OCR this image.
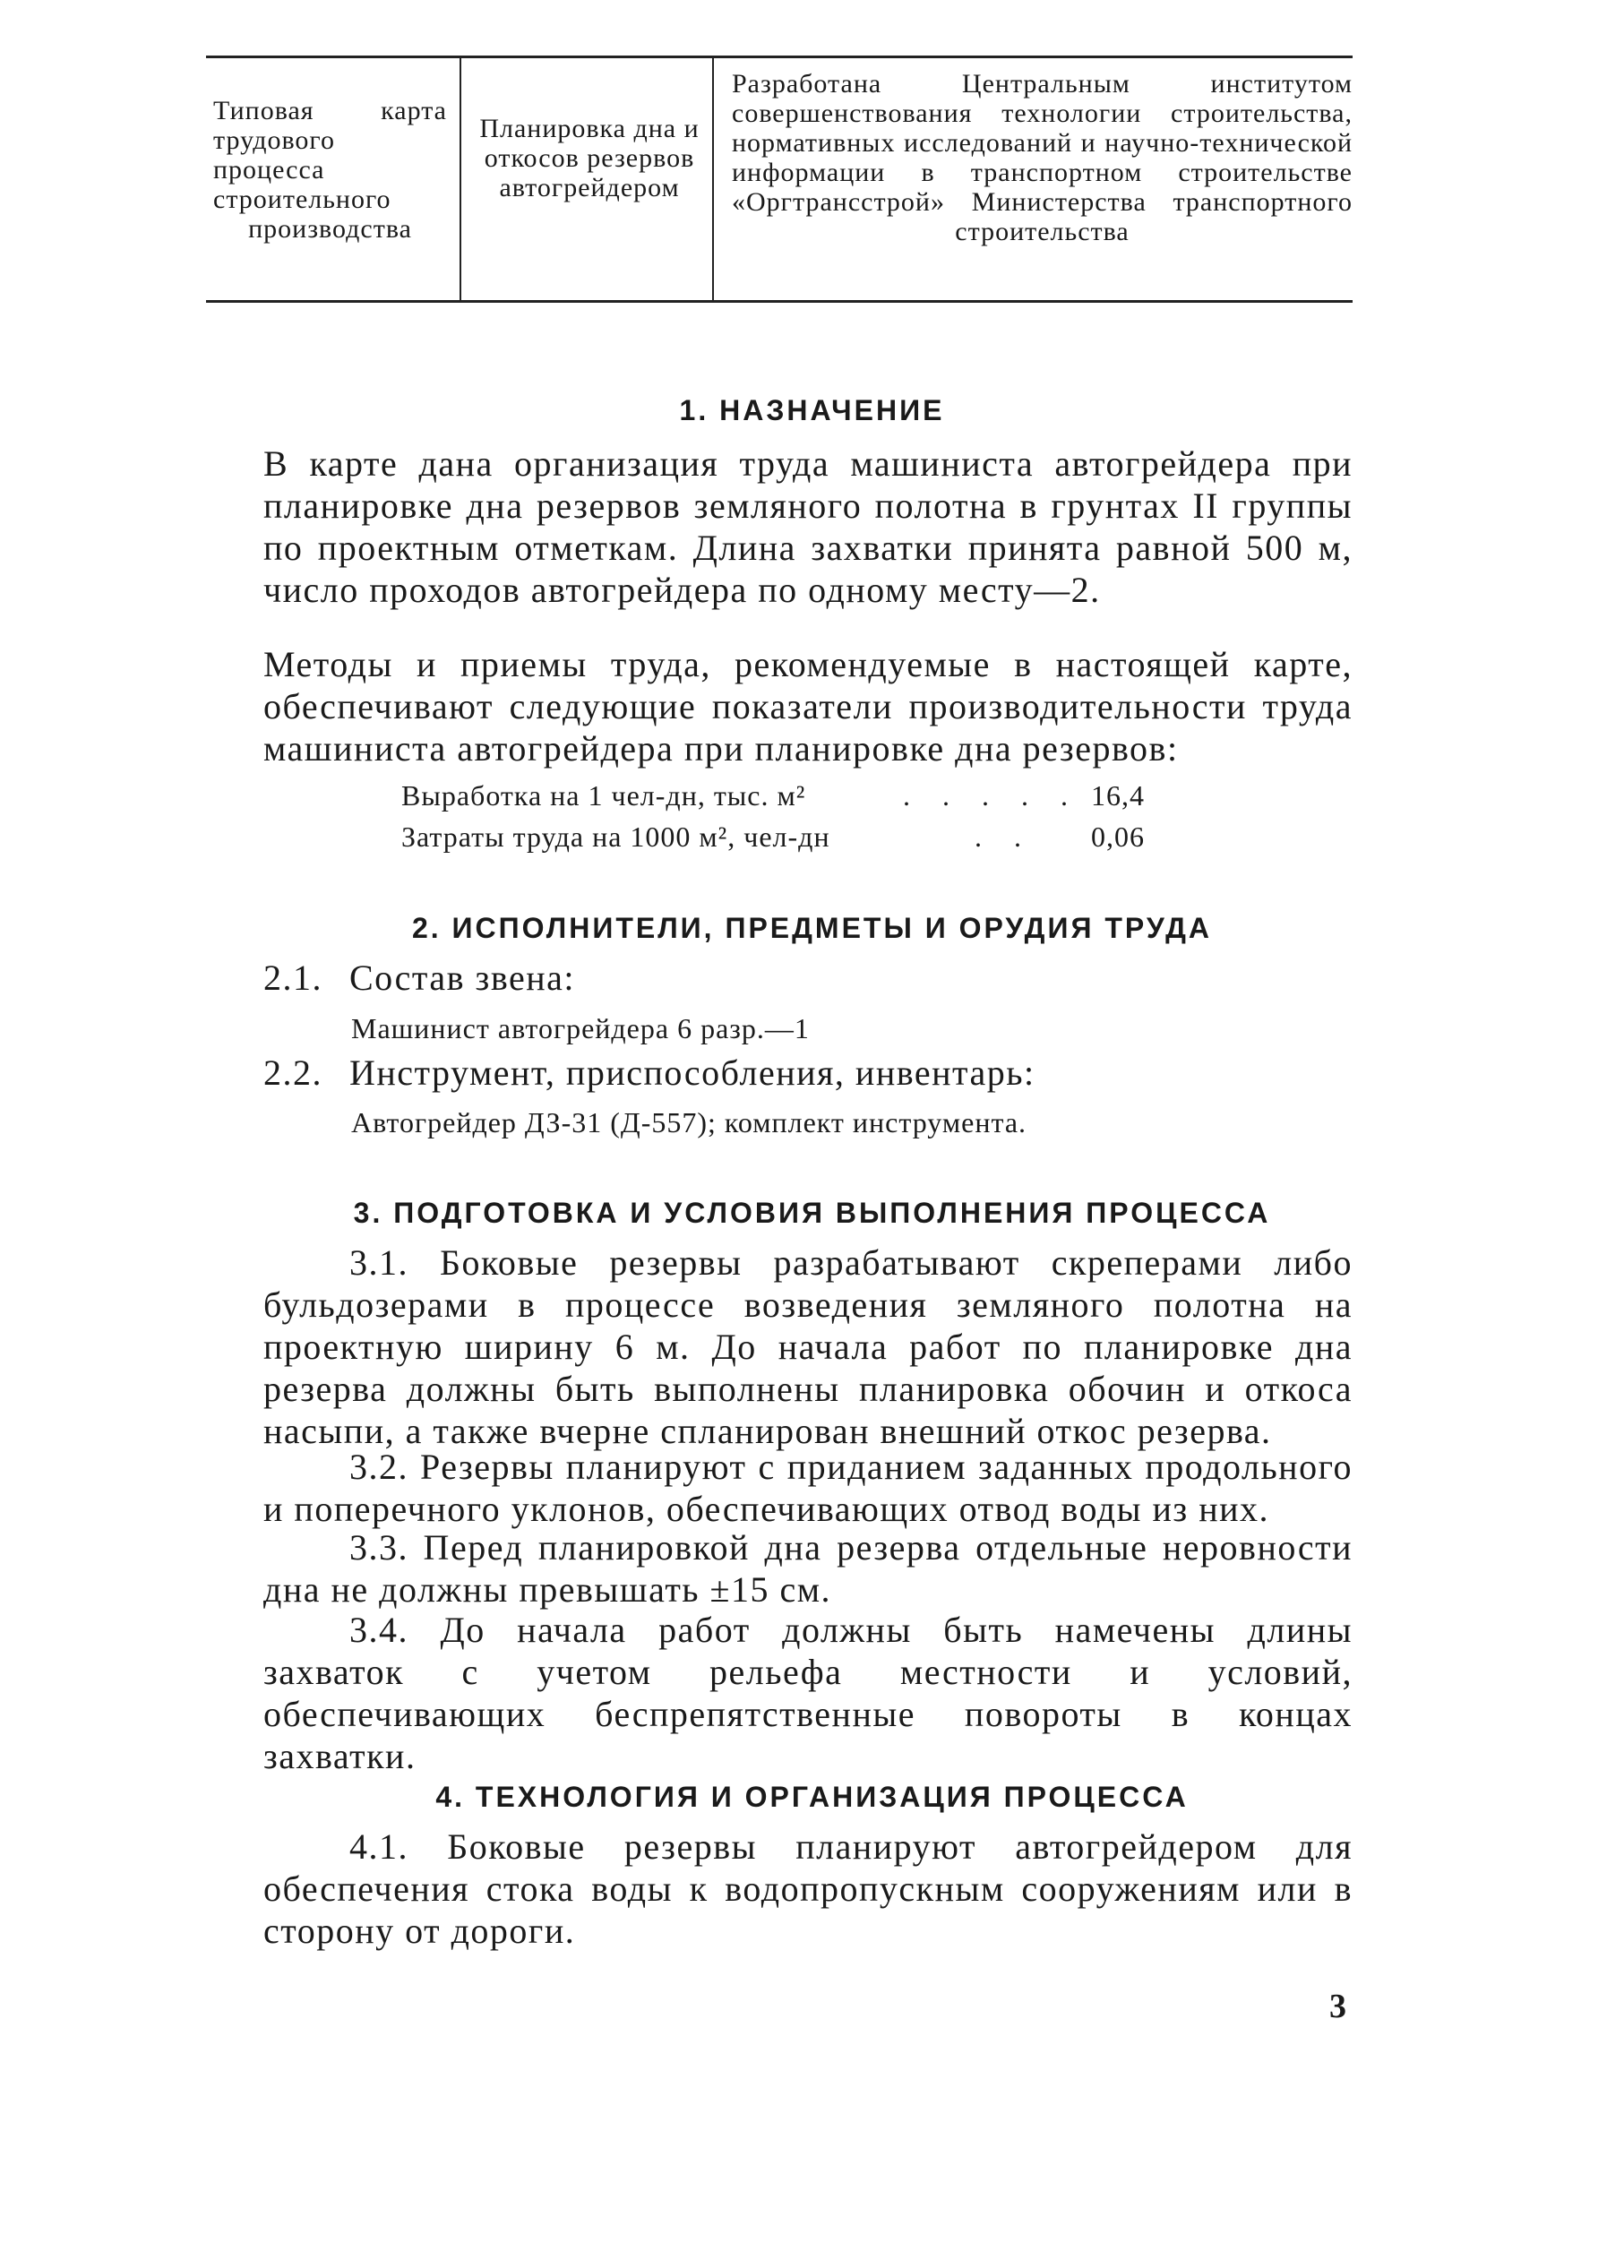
Типовая карта трудового процесса строительного производства
Планировка дна и откосов резервов автогрейдером
Разработана Центральным институтом совершенствования технологии строительства, нормативных исследований и научно-технической информации в транспортном строительстве «Оргтрансстрой» Министерства транспортного строительства
1. НАЗНАЧЕНИЕ
В карте дана организация труда машиниста автогрейдера при планировке дна резервов земляного полотна в грунтах II группы по проектным отметкам. Длина захватки принята равной 500 м, число проходов автогрейдера по одному месту—2.
Методы и приемы труда, рекомендуемые в настоящей карте, обеспечивают следующие показатели производительности труда машиниста автогрейдера при планировке дна резервов:
Выработка на 1 чел-дн, тыс. м²	. . . . . 16,4
Затраты труда на 1000 м², чел-дн	. . 0,06
2. ИСПОЛНИТЕЛИ, ПРЕДМЕТЫ И ОРУДИЯ ТРУДА
2.1. Состав звена:
Машинист автогрейдера 6 разр.—1
2.2. Инструмент, приспособления, инвентарь:
Автогрейдер ДЗ-31 (Д-557); комплект инструмента.
3. ПОДГОТОВКА И УСЛОВИЯ ВЫПОЛНЕНИЯ ПРОЦЕССА
3.1. Боковые резервы разрабатывают скреперами либо бульдозерами в процессе возведения земляного полотна на проектную ширину 6 м. До начала работ по планировке дна резерва должны быть выполнены планировка обочин и откоса насыпи, а также вчерне спланирован внешний откос резерва.
3.2. Резервы планируют с приданием заданных продольного и поперечного уклонов, обеспечивающих отвод воды из них.
3.3. Перед планировкой дна резерва отдельные неровности дна не должны превышать ±15 см.
3.4. До начала работ должны быть намечены длины захваток с учетом рельефа местности и условий, обеспечивающих беспрепятственные повороты в концах захватки.
4. ТЕХНОЛОГИЯ И ОРГАНИЗАЦИЯ ПРОЦЕССА
4.1. Боковые резервы планируют автогрейдером для обеспечения стока воды к водопропускным сооружениям или в сторону от дороги.
3
